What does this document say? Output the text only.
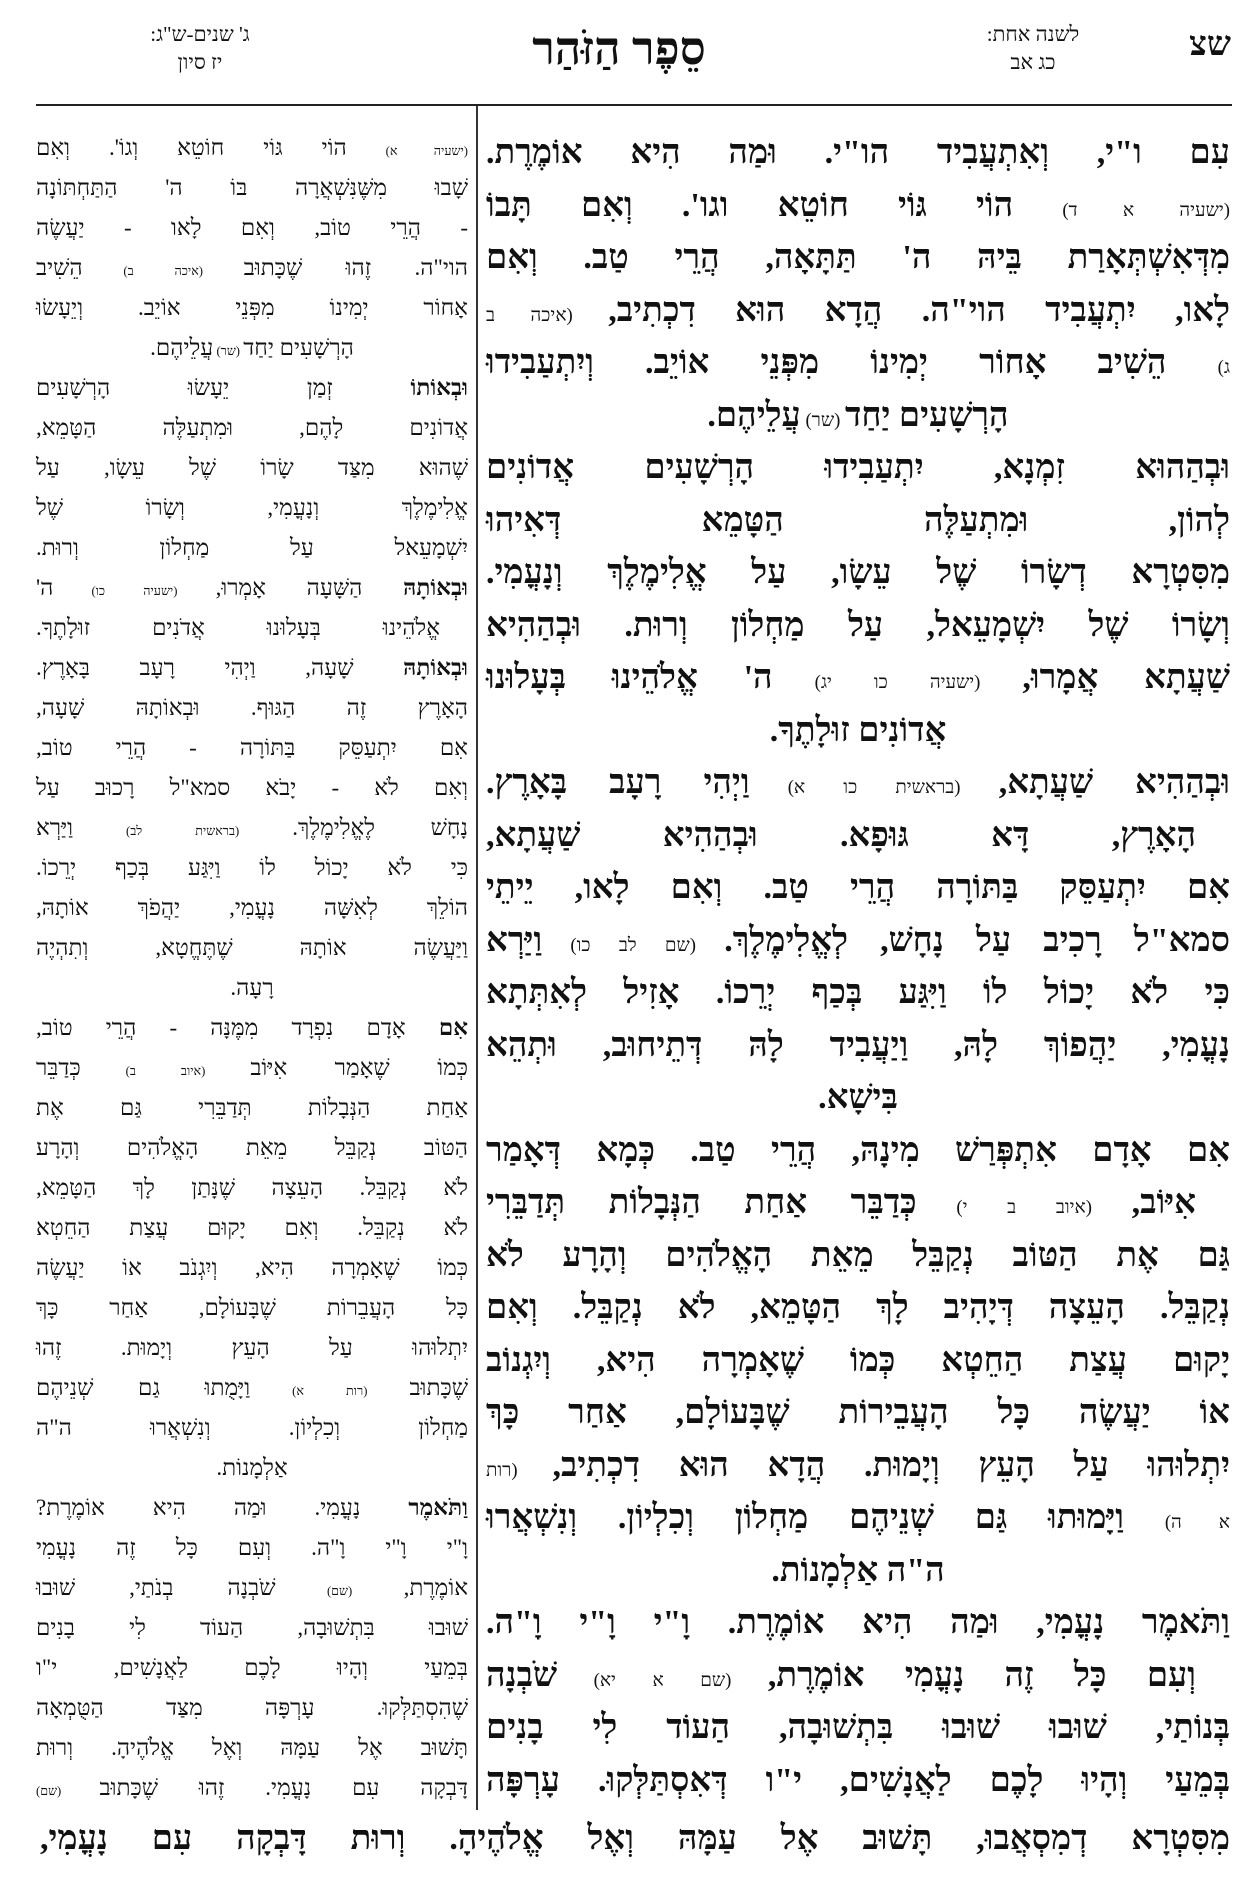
שצ
לשנה אחת:
כג אב
סֵפֶר הַזֹּהַר
ג' שנים-ש"ג:
יז סיון
עִם ו"י, וְאִתְעֲבִיד הו"י. וּמַה הִיא אוֹמֶרֶת.
(ישעיה א ד) הוֹי גּוֹי חוֹטֵא וגו'. וְאִם תָּבוֹ
מִדְּאִשְׁתְּאָרַת בֵּיהּ ה' תַּתָּאָה, הֲרֵי טַב. וְאִם
לָאו, יִתְעֲבִיד הוי"ה. הֲדָא הוּא דִכְתִיב, (איכה ב
ג) הֵשִׁיב אָחוֹר יְמִינוֹ מִפְּנֵי אוֹיֵב. וְיִתְעַבִידוּ
הָרְשָׁעִים יַחַד (שר) עֲלֵיהֶם.
וּבְהַהוּא זִמְנָא, יִתְעַבִידוּ הָרְשָׁעִים אֲדוֹנִים
לְהוֹן, וּמִתְעַלֶּה הַטָּמֵא דְּאִיהוּ
מִסִּטְרָא דְשָׂרוֹ שֶׁל עֵשָׂו, עַל אֱלִימֶלֶךְ וְנָעֳמִי.
וְשָׂרוֹ שֶׁל יִשְׁמָעֵאל, עַל מַחְלוֹן וְרוּת. וּבְהַהִיא
שַׁעֲתָא אֲמָרוּ, (ישעיה כו יג) ה' אֱלֹהֵינוּ בְּעָלוּנוּ
אֲדוֹנִים זוּלָתֶךָ.
וּבְהַהִיא שַׁעֲתָא, (בראשית כו א) וַיְהִי רָעָב בָּאָרֶץ.
הָאָרֶץ, דָּא גּוּפָא. וּבְהַהִיא שַׁעֲתָא,
אִם יִתְעַסֵּק בַּתּוֹרָה הֲרֵי טַב. וְאִם לָאו, יֵיתֵי
סמא"ל רָכִיב עַל נָחָשׁ, לְאֱלִימֶלֶךְ. (שם לב כו) וַיַּרְא
כִּי לֹא יָכוֹל לוֹ וַיִּגַּע בְּכַף יְרֵכוֹ. אָזִיל לְאִתְּתָא
נָעֳמִי, יַהֲפוֹךְ לָהּ, וַיַעֲבִיד לָהּ דְּתֵיחוּב, וּתְהֵא
בִּישָׁא.
אִם אָדָם אִתְפְּרַשׁ מִינָהּ, הֲרֵי טַב. כְּמָא דְּאָמַר
אִיּוֹב, (איוב ב י) כְּדַבֵּר אַחַת הַנְּבָלוֹת תְּדַבֵּרִי
גַּם אֶת הַטּוֹב נְקַבֵּל מֵאֵת הָאֱלֹהִים וְהָרָע לֹא
נְקַבֵּל. הָעֵצָה דְּיָהִיב לָךְ הַטָּמֵא, לֹא נְקַבֵּל. וְאִם
יָקוּם עֲצַת הַחֵטְא כְּמוֹ שֶׁאָמְרָה הִיא, וְיִגְנוֹב
אוֹ יַעֲשֶׂה כָּל הָעֲבֵירוֹת שֶׁבָּעוֹלָם, אַחַר כָּךְ
יִתְלוּהוּ עַל הָעֵץ וְיָמוּת. הֲדָא הוּא דִכְתִיב, (רות
א ה) וַיָּמוּתוּ גַּם שְׁנֵיהֶם מַחְלוֹן וְכִלְיוֹן. וְנִשְׁאֲרוּ
ה"ה אַלְמָנוֹת.
וַתֹּאמֶר נָעֳמִי, וּמַה הִיא אוֹמֶרֶת. וָ"י וָ"י וָ"ה.
וְעִם כָּל זֶה נָעֳמִי אוֹמֶרֶת, (שם א יא) שֹׁבְנָה
בְּנוֹתַי, שׁוּבוּ שׁוּבוּ בִּתְשׁוּבָה, הַעוֹד לִי בָנִים
בְּמֵעַי וְהָיוּ לָכֶם לַאֲנָשִׁים, י"ו דְּאִסְתַּלְּקוּ. עָרְפָּה
(ישעיה א) הוֹי גּוֹי חוֹטֵא וְגוֹ'. וְאִם
שָׁבוּ מִשֶּׁנִּשְׁאֲרָה בּוֹ ה' הַתַּחְתּוֹנָה
- הֲרֵי טוֹב, וְאִם לָאו - יַעֲשֶׂה
הוי"ה. זֶהוּ שֶׁכָּתוּב (איכה ב) הֵשִׁיב
אָחוֹר יְמִינוֹ מִפְּנֵי אוֹיֵב. וְיֵעָשׂוּ
הָרְשָׁעִים יַחַד (שר) עֲלֵיהֶם.
וּבְאוֹתוֹ זְמַן יֵעָשׂוּ הָרְשָׁעִים
אֲדוֹנִים לָהֶם, וּמִתְעַלֶּה הַטָּמֵא,
שֶׁהוּא מִצַּד שָׂרוֹ שֶׁל עֵשָׂו, עַל
אֱלִימֶלֶךְ וְנָעֳמִי, וְשָׂרוֹ שֶׁל
יִשְׁמָעֵאל עַל מַחְלוֹן וְרוּת.
וּבְאוֹתָהּ הַשָּׁעָה אָמְרוּ, (ישעיה כו) ה'
אֱלֹהֵינוּ בְּעָלוּנוּ אֲדֹנִים זוּלָתֶךָ.
וּבְאוֹתָהּ שָׁעָה, וַיְהִי רָעָב בָּאָרֶץ.
הָאָרֶץ זֶה הַגּוּף. וּבְאוֹתָהּ שָׁעָה,
אִם יִתְעַסֵּק בַּתּוֹרָה - הֲרֵי טוֹב,
וְאִם לֹא - יָבֹא סמא"ל רָכוּב עַל
נָחָשׁ לֶאֱלִימֶלֶךְ. (בראשית לב) וַיַּרְא
כִּי לֹא יָכוֹל לוֹ וַיִּגַּע בְּכַף יְרֵכוֹ.
הוֹלֵךְ לְאִשָּׁה נָעֳמִי, יַהֲפֹךְ אוֹתָהּ,
וַיַּעֲשֶׂה אוֹתָהּ שֶׁתֶּחֱטָא, וְתִהְיֶה
רָעָה.
אִם אָדָם נִפְרָד מִמֶּנָּה - הֲרֵי טוֹב,
כְּמוֹ שֶׁאָמַר אִיּוֹב (איוב ב) כְּדַבֵּר
אַחַת הַנְּבָלוֹת תְּדַבֵּרִי גַּם אֶת
הַטּוֹב נְקַבֵּל מֵאֵת הָאֱלֹהִים וְהָרָע
לֹא נְקַבֵּל. הָעֵצָה שֶׁנָּתַן לָךְ הַטָּמֵא,
לֹא נְקַבֵּל. וְאִם יָקוּם עֲצַת הַחֵטְא
כְּמוֹ שֶׁאָמְרָה הִיא, וְיִגְנֹב אוֹ יַעֲשֶׂה
כָּל הָעֲבֵרוֹת שֶׁבָּעוֹלָם, אַחַר כָּךְ
יִתְלוּהוּ עַל הָעֵץ וְיָמוּת. זֶהוּ
שֶׁכָּתוּב (רות א) וַיָּמֻתוּ גַם שְׁנֵיהֶם
מַחְלוֹן וְכִלְיוֹן. וְנִשְׁאֲרוּ ה"ה
אַלְמָנוֹת.
וַתֹּאמֶר נָעֳמִי. וּמַה הִיא אוֹמֶרֶת?
וָ"י וָ"י וָ"ה. וְעִם כָּל זֶה נָעֳמִי
אוֹמֶרֶת, (שם) שֹׁבְנָה בְנֹתַי, שׁוּבוּ
שׁוּבוּ בִּתְשׁוּבָה, הַעוֹד לִי בָנִים
בְּמֵעַי וְהָיוּ לָכֶם לַאֲנָשִׁים, י"ו
שֶׁהִסְתַּלְּקוּ. עָרְפָּה מִצַּד הַטֻּמְאָה
תָּשׁוּב אֶל עַמָּהּ וְאֶל אֱלֹהֶיהָ. וְרוּת
דָּבְקָה עִם נָעֳמִי. זֶהוּ שֶׁכָּתוּב (שם)
מִסִּטְרָא דְמִסְאֲבוּ, תָּשׁוּב אֶל עַמָּהּ וְאֶל אֱלֹהֶיהָ. וְרוּת דָּבְקָה עִם נָעֳמִי,
